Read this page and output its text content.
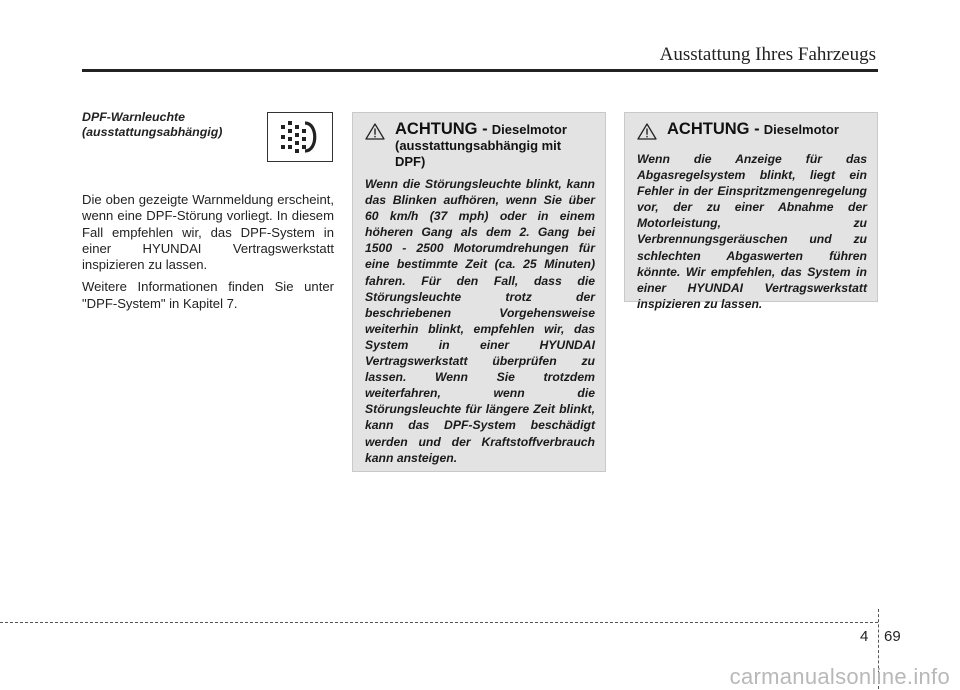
Ausstattung Ihres Fahrzeugs
DPF-Warnleuchte (ausstattungsabhängig)

Die oben gezeigte Warnmeldung erscheint, wenn eine DPF-Störung vorliegt. In diesem Fall empfehlen wir, das DPF-System in einer HYUNDAI Vertragswerkstatt inspizieren zu lassen.

Weitere Informationen finden Sie unter "DPF-System" in Kapitel 7.

ACHTUNG - Dieselmotor (ausstattungsabhängig mit DPF)
Wenn die Störungsleuchte blinkt, kann das Blinken aufhören, wenn Sie über 60 km/h (37 mph) oder in einem höheren Gang als dem 2. Gang bei 1500 - 2500 Motorumdrehungen für eine bestimmte Zeit (ca. 25 Minuten) fahren. Für den Fall, dass die Störungsleuchte trotz der beschriebenen Vorgehensweise weiterhin blinkt, empfehlen wir, das System in einer HYUNDAI Vertragswerkstatt überprüfen zu lassen. Wenn Sie trotzdem weiterfahren, wenn die Störungsleuchte für längere Zeit blinkt, kann das DPF-System beschädigt werden und der Kraftstoffverbrauch kann ansteigen.
ACHTUNG - Dieselmotor
Wenn die Anzeige für das Abgasregelsystem blinkt, liegt ein Fehler in der Einspritzmengenregelung vor, der zu einer Abnahme der Motorleistung, zu Verbrennungsgeräuschen und zu schlechten Abgaswerten führen könnte. Wir empfehlen, das System in einer HYUNDAI Vertragswerkstatt inspizieren zu lassen.
4 69
carmanualsonline.info
